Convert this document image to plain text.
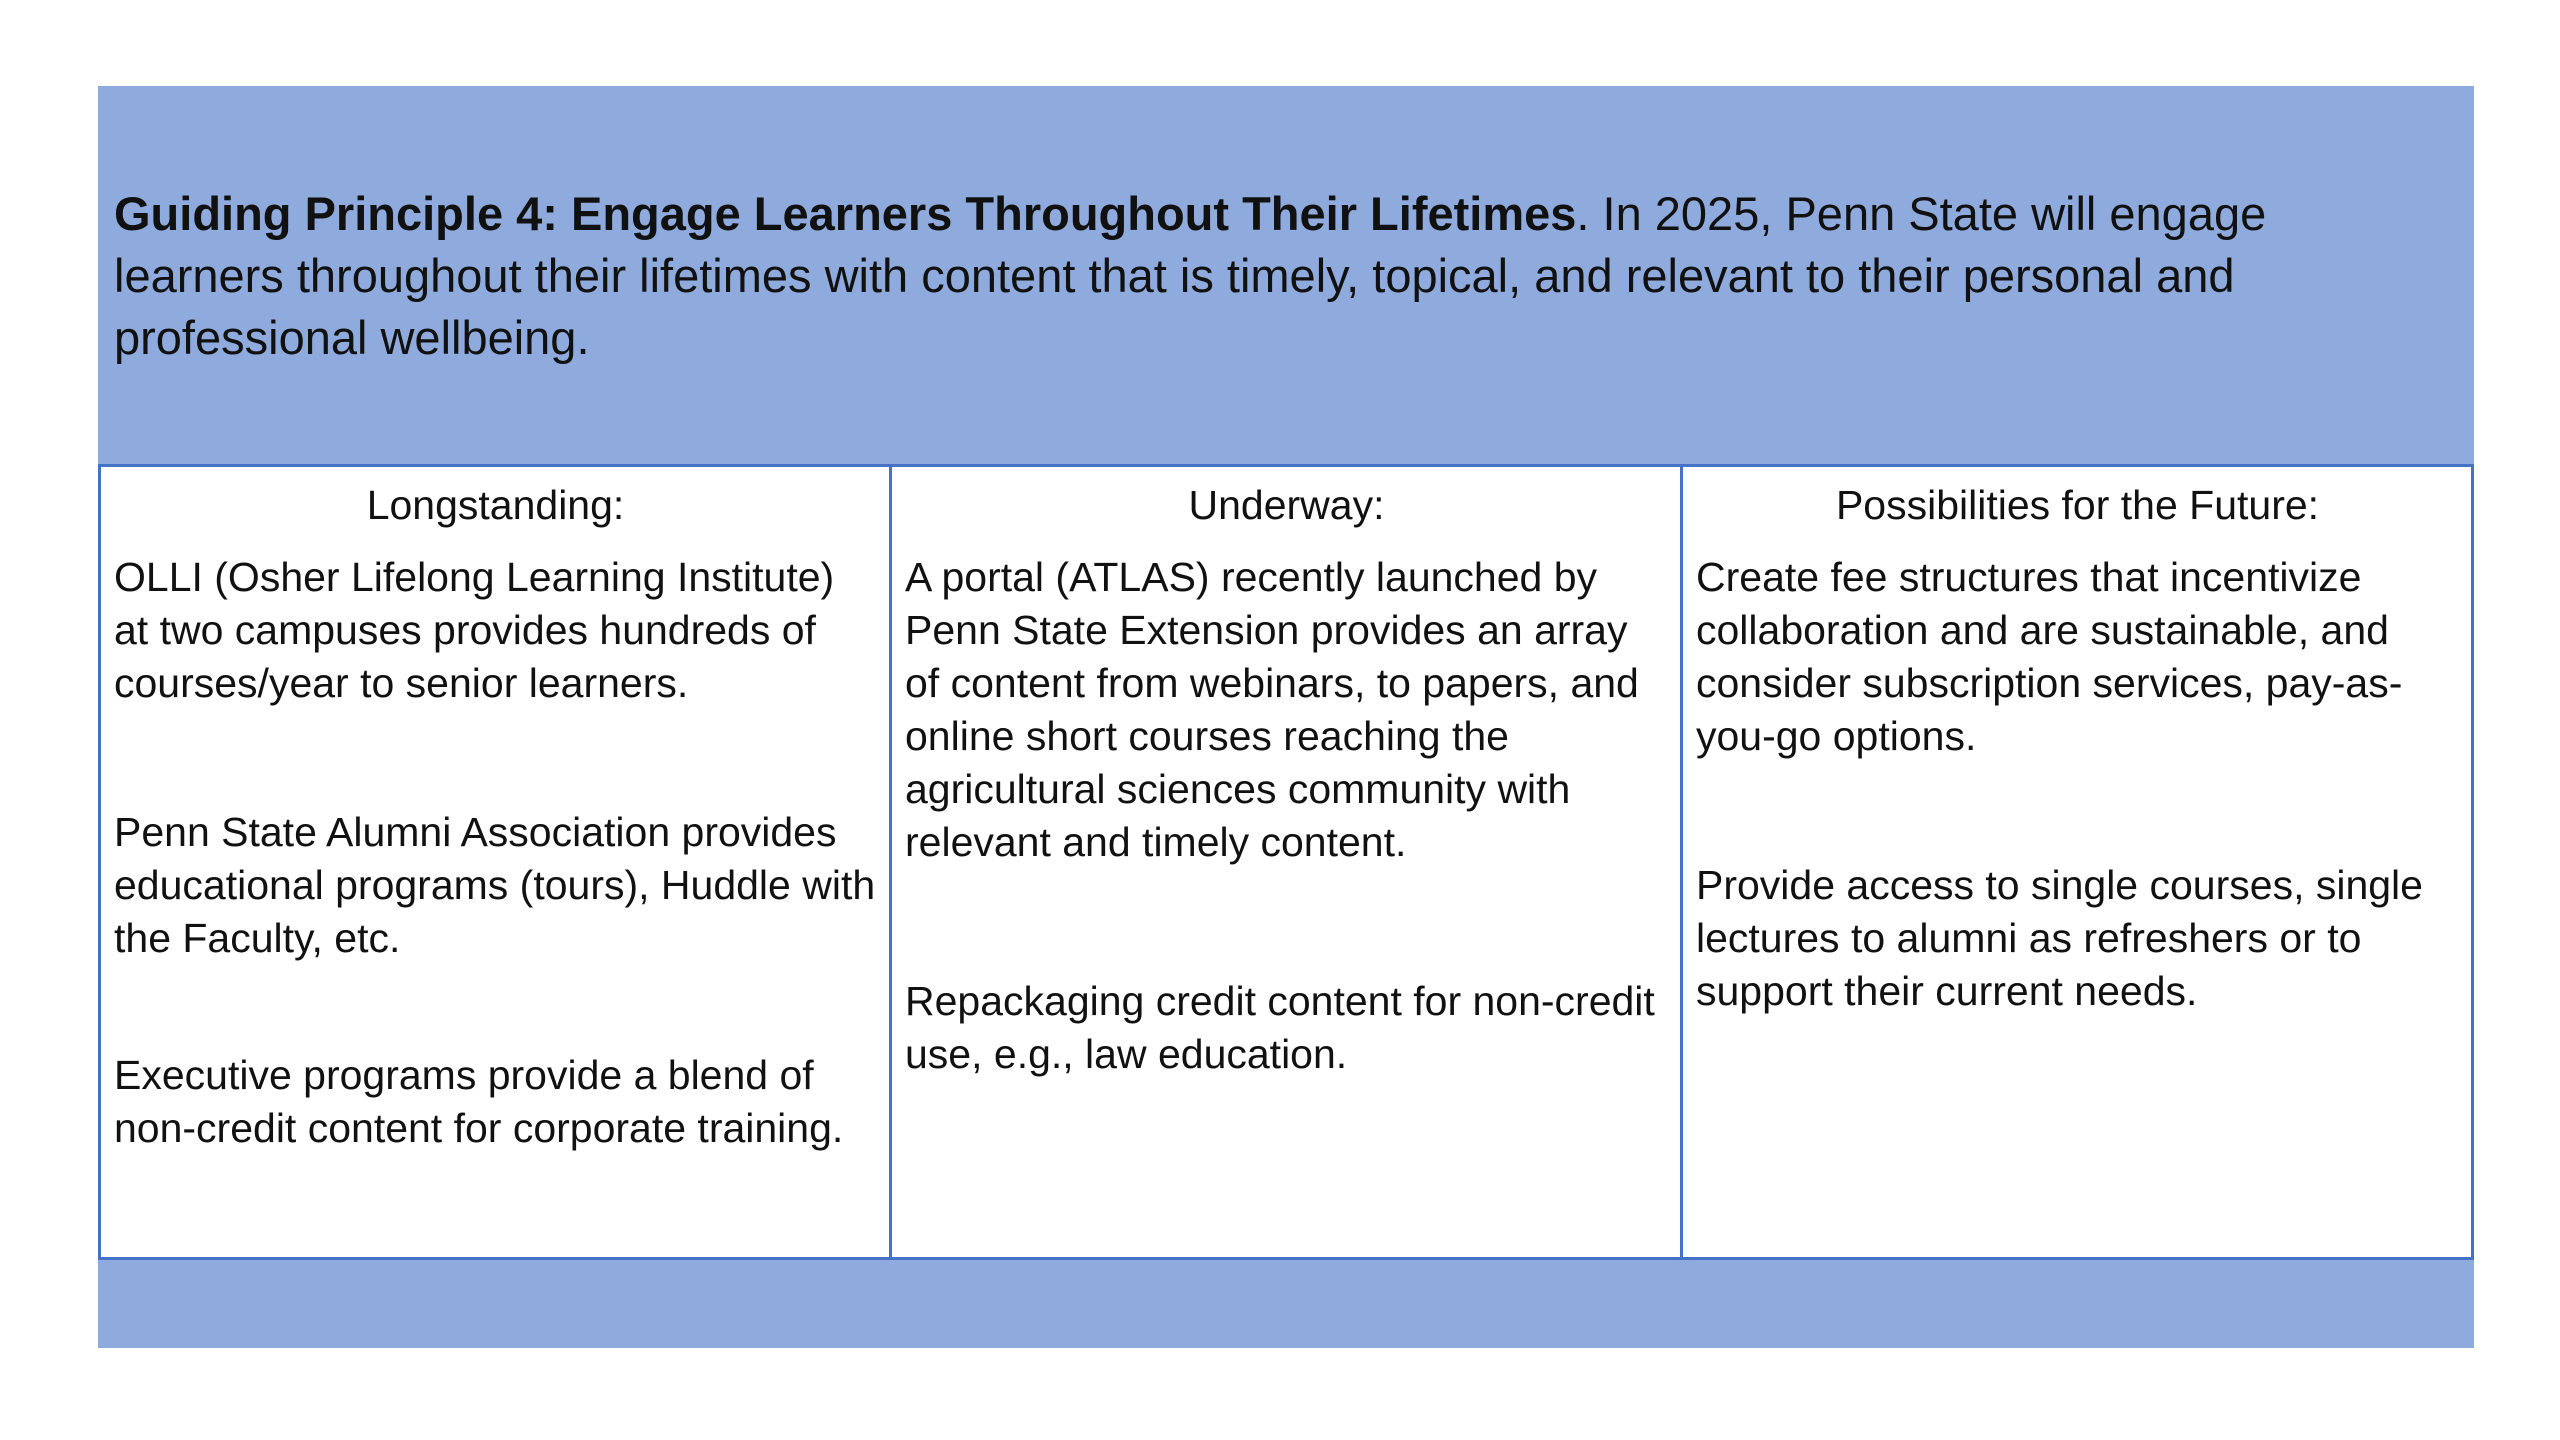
Guiding Principle 4: Engage Learners Throughout Their Lifetimes. In 2025, Penn State will engage learners throughout their lifetimes with content that is timely, topical, and relevant to their personal and professional wellbeing.

Longstanding:

OLLI (Osher Lifelong Learning Institute) at two campuses provides hundreds of courses/year to senior learners.

Penn State Alumni Association provides educational programs (tours), Huddle with the Faculty, etc.

Executive programs provide a blend of non-credit content for corporate training.

Underway:

A portal (ATLAS) recently launched by Penn State Extension provides an array of content from webinars, to papers, and online short courses reaching the agricultural sciences community with relevant and timely content.

Repackaging credit content for non-credit use, e.g., law education.

Possibilities for the Future:

Create fee structures that incentivize collaboration and are sustainable, and consider subscription services, pay-as-you-go options.

Provide access to single courses, single lectures to alumni as refreshers or to support their current needs.
